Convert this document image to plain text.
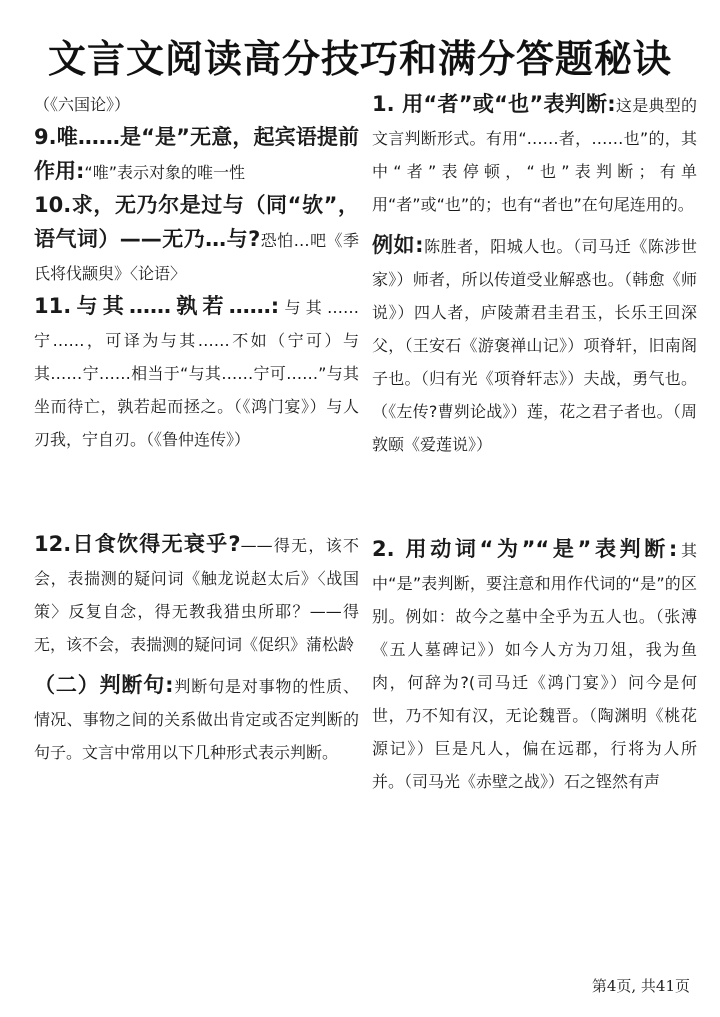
文言文阅读高分技巧和满分答题秘诀

（《六国论》）

9.唯……是“是”无意，起宾语提前作用:“唯”表示对象的唯一性

10.求，无乃尔是过与（同“欤”，语气词）——无乃…与?恐怕…吧《季氏将伐颛臾》〈论语〉

11.与其……孰若……:与其……宁……，可译为与其……不如（宁可）与其……宁……相当于“与其……宁可……”与其坐而待亡，孰若起而拯之。（《鸿门宴》）与人刃我，宁自刃。（《鲁仲连传》）

12.日食饮得无衰乎?——得无，该不会，表揣测的疑问词《触龙说赵太后》〈战国策〉反复自念，得无教我猎虫所耶？——得无，该不会，表揣测的疑问词《促织》蒲松龄

（二）判断句:判断句是对事物的性质、情况、事物之间的关系做出肯定或否定判断的句子。文言中常用以下几种形式表示判断。

1. 用“者”或“也”表判断:这是典型的文言判断形式。有用“……者，……也”的，其中“者”表停顿，“也”表判断；有单用“者”或“也”的；也有“者也”在句尾连用的。

例如:陈胜者，阳城人也。（司马迁《陈涉世家》）师者，所以传道受业解惑也。（韩愈《师说》）四人者，庐陵萧君圭君玉，长乐王回深父，（王安石《游褒禅山记》）项脊轩，旧南阁子也。（归有光《项脊轩志》）夫战，勇气也。（《左传?曹刿论战》）莲，花之君子者也。（周敦颐《爱莲说》）

2. 用动词“为”“是”表判断:其中“是”表判断，要注意和用作代词的“是”的区别。例如：故今之墓中全乎为五人也。（张溥《五人墓碑记》）如今人方为刀俎，我为鱼肉，何辞为?(司马迁《鸿门宴》）问今是何世，乃不知有汉，无论魏晋。（陶渊明《桃花源记》）巨是凡人，偏在远郡，行将为人所并。（司马光《赤壁之战》）石之铿然有声

第4页, 共41页
